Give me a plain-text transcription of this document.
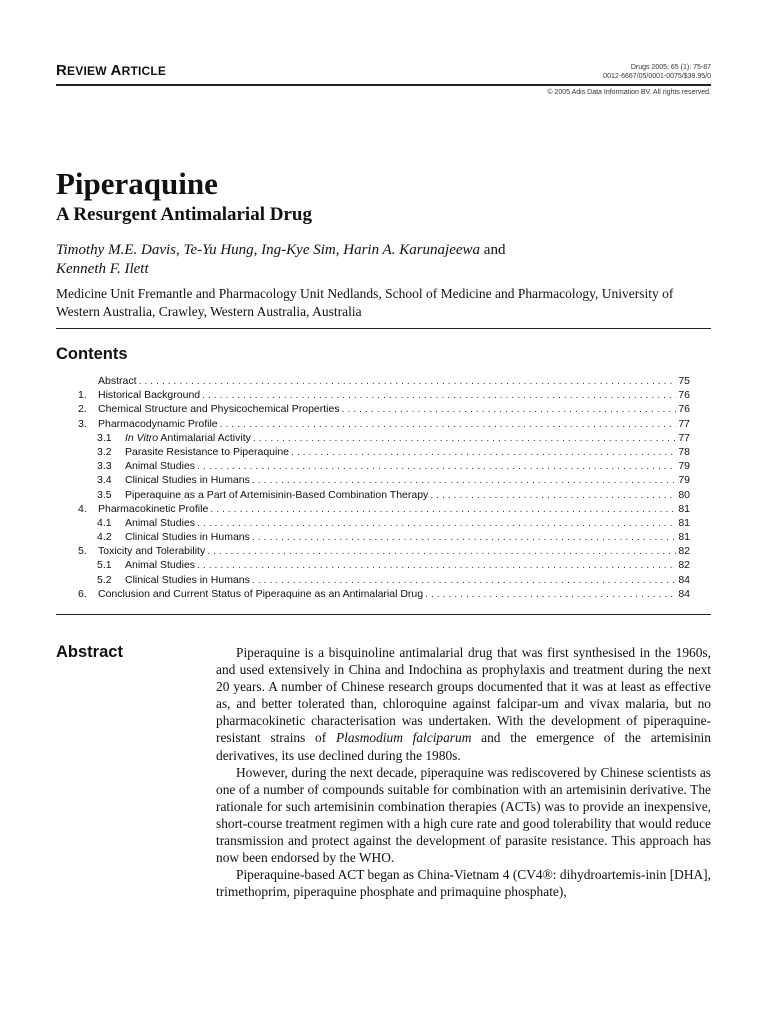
REVIEW ARTICLE	Drugs 2005; 65 (1): 75-87
0012-6667/05/0001-0075/$39.95/0
© 2005 Adis Data Information BV. All rights reserved.
Piperaquine
A Resurgent Antimalarial Drug
Timothy M.E. Davis, Te-Yu Hung, Ing-Kye Sim, Harin A. Karunajeewa and
Kenneth F. Ilett
Medicine Unit Fremantle and Pharmacology Unit Nedlands, School of Medicine and Pharmacology, University of Western Australia, Crawley, Western Australia, Australia
Contents
Abstract . . .	75
1.	Historical Background . . .	76
2.	Chemical Structure and Physicochemical Properties . . .	76
3.	Pharmacodynamic Profile . . .	77
3.1	In Vitro Antimalarial Activity . . .	77
3.2	Parasite Resistance to Piperaquine . . .	78
3.3	Animal Studies . . .	79
3.4	Clinical Studies in Humans . . .	79
3.5	Piperaquine as a Part of Artemisinin-Based Combination Therapy . . .	80
4.	Pharmacokinetic Profile . . .	81
4.1	Animal Studies . . .	81
4.2	Clinical Studies in Humans . . .	81
5.	Toxicity and Tolerability . . .	82
5.1	Animal Studies . . .	82
5.2	Clinical Studies in Humans . . .	84
6.	Conclusion and Current Status of Piperaquine as an Antimalarial Drug . . .	84
Abstract	Piperaquine is a bisquinoline antimalarial drug that was first synthesised in the 1960s, and used extensively in China and Indochina as prophylaxis and treatment during the next 20 years. A number of Chinese research groups documented that it was at least as effective as, and better tolerated than, chloroquine against falcipar-um and vivax malaria, but no pharmacokinetic characterisation was undertaken. With the development of piperaquine-resistant strains of Plasmodium falciparum and the emergence of the artemisinin derivatives, its use declined during the 1980s.

However, during the next decade, piperaquine was rediscovered by Chinese scientists as one of a number of compounds suitable for combination with an artemisinin derivative. The rationale for such artemisinin combination therapies (ACTs) was to provide an inexpensive, short-course treatment regimen with a high cure rate and good tolerability that would reduce transmission and protect against the development of parasite resistance. This approach has now been endorsed by the WHO.

Piperaquine-based ACT began as China-Vietnam 4 (CV4®: dihydroartemis-inin [DHA], trimethoprim, piperaquine phosphate and primaquine phosphate),
